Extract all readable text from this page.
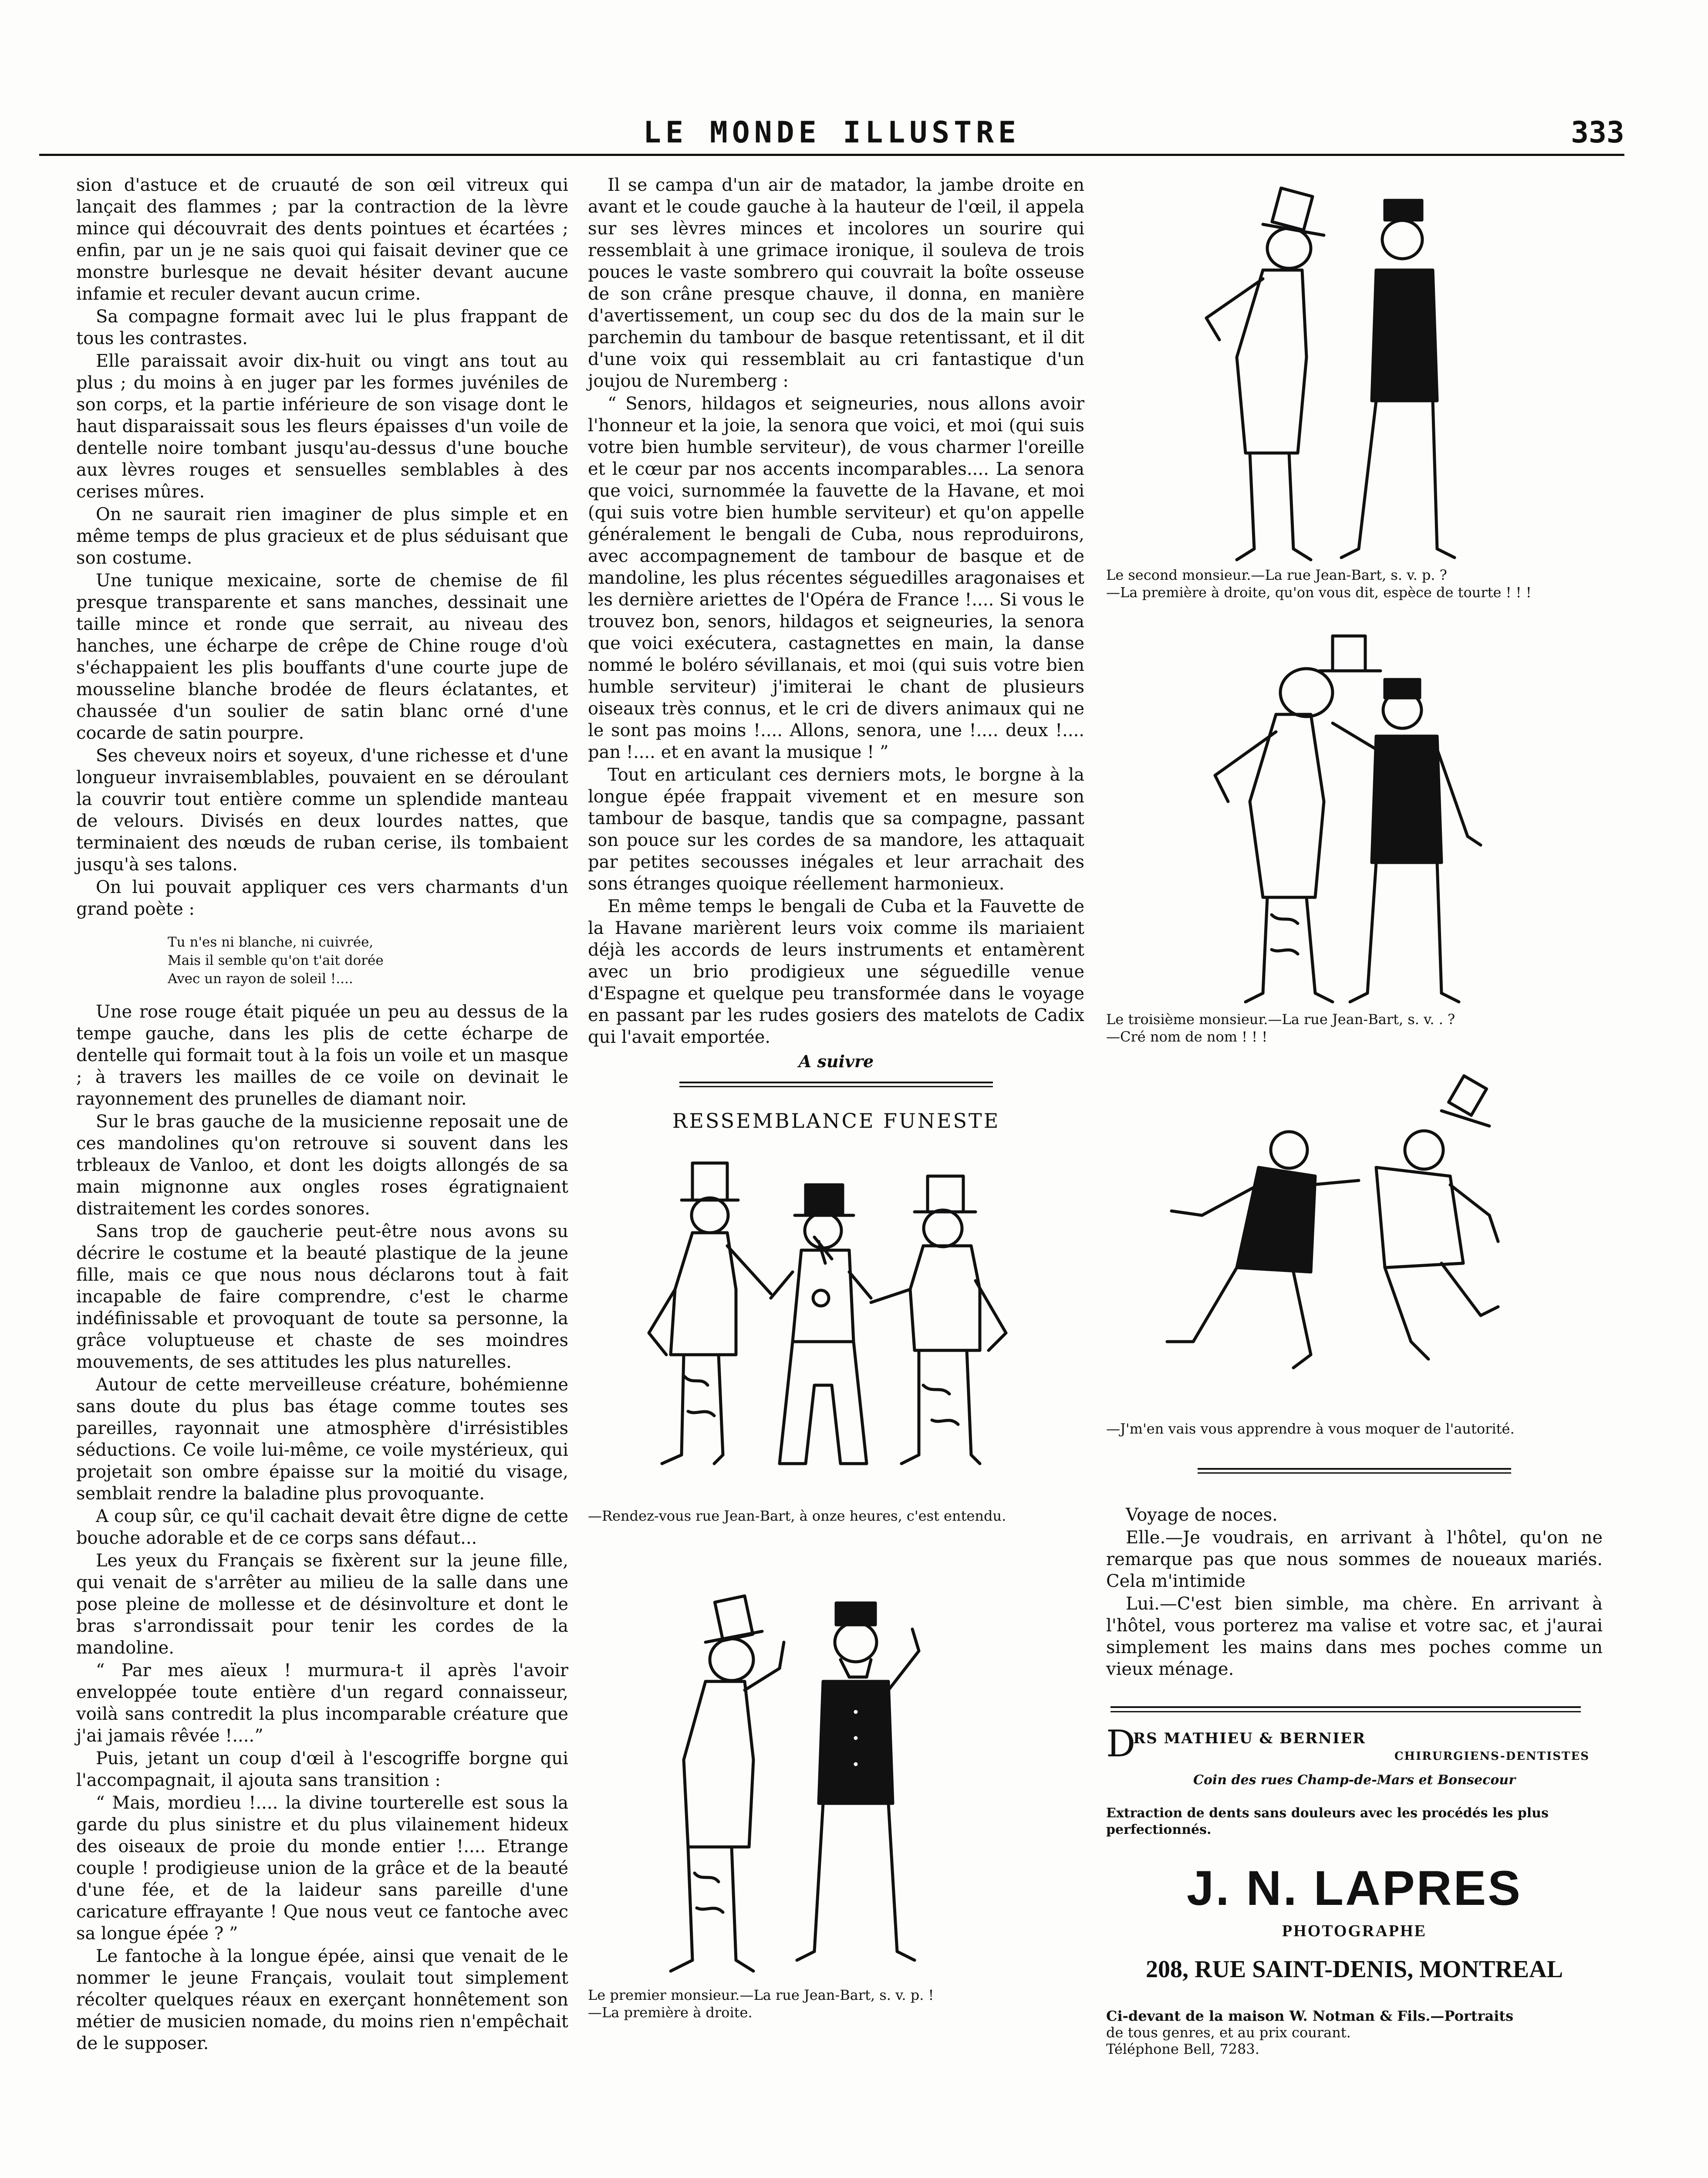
LE MONDE ILLUSTRE	333

sion d'astuce et de cruauté de son œil vitreux qui lançait des flammes ; par la contraction de la lèvre mince qui découvrait des dents pointues et écartées ; enfin, par un je ne sais quoi qui faisait deviner que ce monstre burlesque ne devait hésiter devant aucune infamie et reculer devant aucun crime.

Sa compagne formait avec lui le plus frappant de tous les contrastes.

Elle paraissait avoir dix-huit ou vingt ans tout au plus ; du moins à en juger par les formes juvéniles de son corps, et la partie inférieure de son visage dont le haut disparaissait sous les fleurs épaisses d'un voile de dentelle noire tombant jusqu'au-dessus d'une bouche aux lèvres rouges et sensuelles semblables à des cerises mûres.

On ne saurait rien imaginer de plus simple et en même temps de plus gracieux et de plus séduisant que son costume.

Une tunique mexicaine, sorte de chemise de fil presque transparente et sans manches, dessinait une taille mince et ronde que serrait, au niveau des hanches, une écharpe de crêpe de Chine rouge d'où s'échappaient les plis bouffants d'une courte jupe de mousseline blanche brodée de fleurs éclatantes, et chaussée d'un soulier de satin blanc orné d'une cocarde de satin pourpre.

Ses cheveux noirs et soyeux, d'une richesse et d'une longueur invraisemblables, pouvaient en se déroulant la couvrir tout entière comme un splendide manteau de velours. Divisés en deux lourdes nattes, que terminaient des nœuds de ruban cerise, ils tombaient jusqu'à ses talons.

On lui pouvait appliquer ces vers charmants d'un grand poète :

Tu n'es ni blanche, ni cuivrée,
Mais il semble qu'on t'ait dorée
Avec un rayon de soleil !....

Une rose rouge était piquée un peu au dessus de la tempe gauche, dans les plis de cette écharpe de dentelle qui formait tout à la fois un voile et un masque ; à travers les mailles de ce voile on devinait le rayonnement des prunelles de diamant noir.

Sur le bras gauche de la musicienne reposait une de ces mandolines qu'on retrouve si souvent dans les trbleaux de Vanloo, et dont les doigts allongés de sa main mignonne aux ongles roses égratignaient distraitement les cordes sonores.

Sans trop de gaucherie peut-être nous avons su décrire le costume et la beauté plastique de la jeune fille, mais ce que nous nous déclarons tout à fait incapable de faire comprendre, c'est le charme indéfinissable et provoquant de toute sa personne, la grâce voluptueuse et chaste de ses moindres mouvements, de ses attitudes les plus naturelles.

Autour de cette merveilleuse créature, bohémienne sans doute du plus bas étage comme toutes ses pareilles, rayonnait une atmosphère d'irrésistibles séductions. Ce voile lui-même, ce voile mystérieux, qui projetait son ombre épaisse sur la moitié du visage, semblait rendre la baladine plus provoquante.

A coup sûr, ce qu'il cachait devait être digne de cette bouche adorable et de ce corps sans défaut...

Les yeux du Français se fixèrent sur la jeune fille, qui venait de s'arrêter au milieu de la salle dans une pose pleine de mollesse et de désinvolture et dont le bras s'arrondissait pour tenir les cordes de la mandoline.

“ Par mes aïeux ! murmura-t il après l'avoir enveloppée toute entière d'un regard connaisseur, voilà sans contredit la plus incomparable créature que j'ai jamais rêvée !....”

Puis, jetant un coup d'œil à l'escogriffe borgne qui l'accompagnait, il ajouta sans transition :

“ Mais, mordieu !.... la divine tourterelle est sous la garde du plus sinistre et du plus vilainement hideux des oiseaux de proie du monde entier !.... Etrange couple ! prodigieuse union de la grâce et de la beauté d'une fée, et de la laideur sans pareille d'une caricature effrayante ! Que nous veut ce fantoche avec sa longue épée ? ”

Le fantoche à la longue épée, ainsi que venait de le nommer le jeune Français, voulait tout simplement récolter quelques réaux en exerçant honnêtement son métier de musicien nomade, du moins rien n'empêchait de le supposer.

Il se campa d'un air de matador, la jambe droite en avant et le coude gauche à la hauteur de l'œil, il appela sur ses lèvres minces et incolores un sourire qui ressemblait à une grimace ironique, il souleva de trois pouces le vaste sombrero qui couvrait la boîte osseuse de son crâne presque chauve, il donna, en manière d'avertissement, un coup sec du dos de la main sur le parchemin du tambour de basque retentissant, et il dit d'une voix qui ressemblait au cri fantastique d'un joujou de Nuremberg :

“ Senors, hildagos et seigneuries, nous allons avoir l'honneur et la joie, la senora que voici, et moi (qui suis votre bien humble serviteur), de vous charmer l'oreille et le cœur par nos accents incomparables.... La senora que voici, surnommée la fauvette de la Havane, et moi (qui suis votre bien humble serviteur) et qu'on appelle généralement le bengali de Cuba, nous reproduirons, avec accompagnement de tambour de basque et de mandoline, les plus récentes séguedilles aragonaises et les dernière ariettes de l'Opéra de France !.... Si vous le trouvez bon, senors, hildagos et seigneuries, la senora que voici exécutera, castagnettes en main, la danse nommé le boléro sévillanais, et moi (qui suis votre bien humble serviteur) j'imiterai le chant de plusieurs oiseaux très connus, et le cri de divers animaux qui ne le sont pas moins !.... Allons, senora, une !.... deux !.... pan !.... et en avant la musique ! ”

Tout en articulant ces derniers mots, le borgne à la longue épée frappait vivement et en mesure son tambour de basque, tandis que sa compagne, passant son pouce sur les cordes de sa mandore, les attaquait par petites secousses inégales et leur arrachait des sons étranges quoique réellement harmonieux.

En même temps le bengali de Cuba et la Fauvette de la Havane marièrent leurs voix comme ils mariaient déjà les accords de leurs instruments et entamèrent avec un brio prodigieux une séguedille venue d'Espagne et quelque peu transformée dans le voyage en passant par les rudes gosiers des matelots de Cadix qui l'avait emportée.

A suivre
RESSEMBLANCE FUNESTE

—Rendez-vous rue Jean-Bart, à onze heures, c'est entendu.

Le premier monsieur.—La rue Jean-Bart, s. v. p. !

—La première à droite.

Le second monsieur.—La rue Jean-Bart, s. v. p. ?

—La première à droite, qu'on vous dit, espèce de tourte ! ! !

Le troisième monsieur.—La rue Jean-Bart, s. v. . ?

—Cré nom de nom ! ! !

—J'm'en vais vous apprendre à vous moquer de l'autorité.

Voyage de noces.

Elle.—Je voudrais, en arrivant à l'hôtel, qu'on ne remarque pas que nous sommes de noueaux mariés. Cela m'intimide

Lui.—C'est bien simble, ma chère. En arrivant à l'hôtel, vous porterez ma valise et votre sac, et j'aurai simplement les mains dans mes poches comme un vieux ménage.

D
RS MATHIEU & BERNIER
CHIRURGIENS-DENTISTES
Coin des rues Champ-de-Mars et Bonsecour
Extraction de dents sans douleurs avec les procédés les plus perfectionnés.
J. N. LAPRES
PHOTOGRAPHE
208, RUE SAINT-DENIS, MONTREAL
Ci-devant de la maison W. Notman & Fils.—Portraits
de tous genres, et au prix courant.
Téléphone Bell, 7283.
